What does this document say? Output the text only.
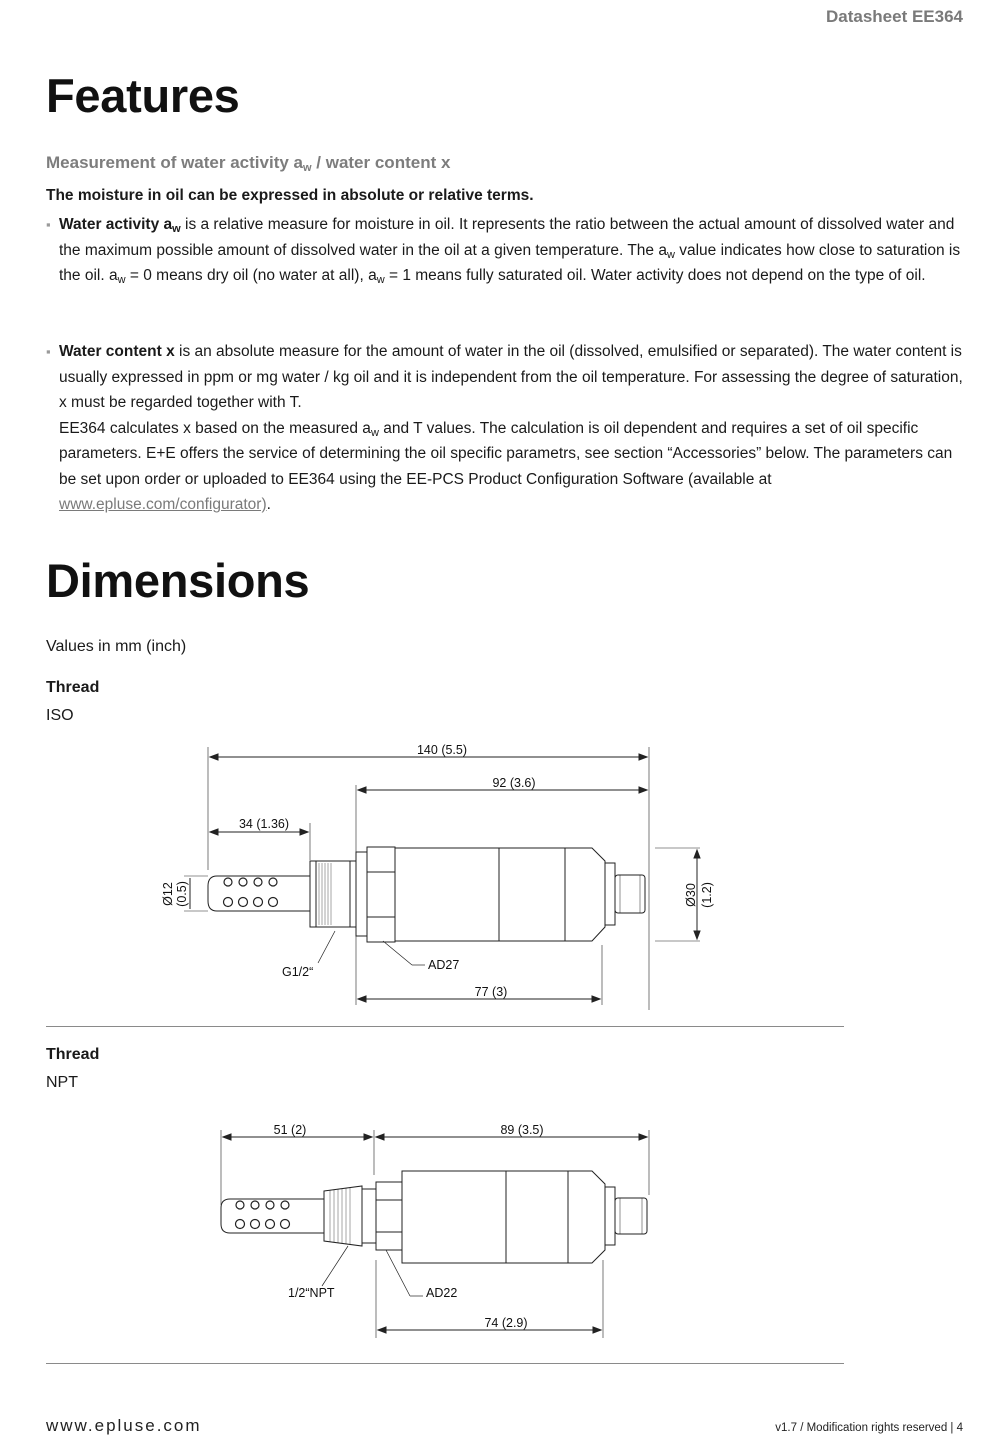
Datasheet EE364
Features
Measurement of water activity $a_w$ / water content x
The moisture in oil can be expressed in absolute or relative terms.
▪ Water activity $a_w$ is a relative measure for moisture in oil. It represents the ratio between the actual amount of dissolved water and the maximum possible amount of dissolved water in the oil at a given temperature. The $a_w$ value indicates how close to saturation is the oil. $a_w = 0$ means dry oil (no water at all), $a_w = 1$ means fully saturated oil. Water activity does not depend on the type of oil.

▪ Water content x is an absolute measure for the amount of water in the oil (dissolved, emulsified or separated). The water content is usually expressed in ppm or mg water / kg oil and it is independent from the oil temperature. For assessing the degree of saturation, x must be regarded together with T.

EE364 calculates x based on the measured $a_w$ and T values. The calculation is oil dependent and requires a set of oil specific parameters. E+E offers the service of determining the oil specific parametrs, see section “Accessories” below. The parameters can be set upon order or uploaded to EE364 using the EE-PCS Product Configuration Software (available at www.epluse.com/configurator).

Dimensions
Values in mm (inch)
Thread
ISO
140 (5.5)
92 (3.6)
34 (1.36)
77 (3)
AD27
G1/2“
Ø12 (0.5)	Ø30 (1.2)
Thread
NPT
51 (2)	89 (3.5)
74 (2.9)
AD22
1/2“NPT
www.epluse.com	v1.7 / Modification rights reserved | 4
